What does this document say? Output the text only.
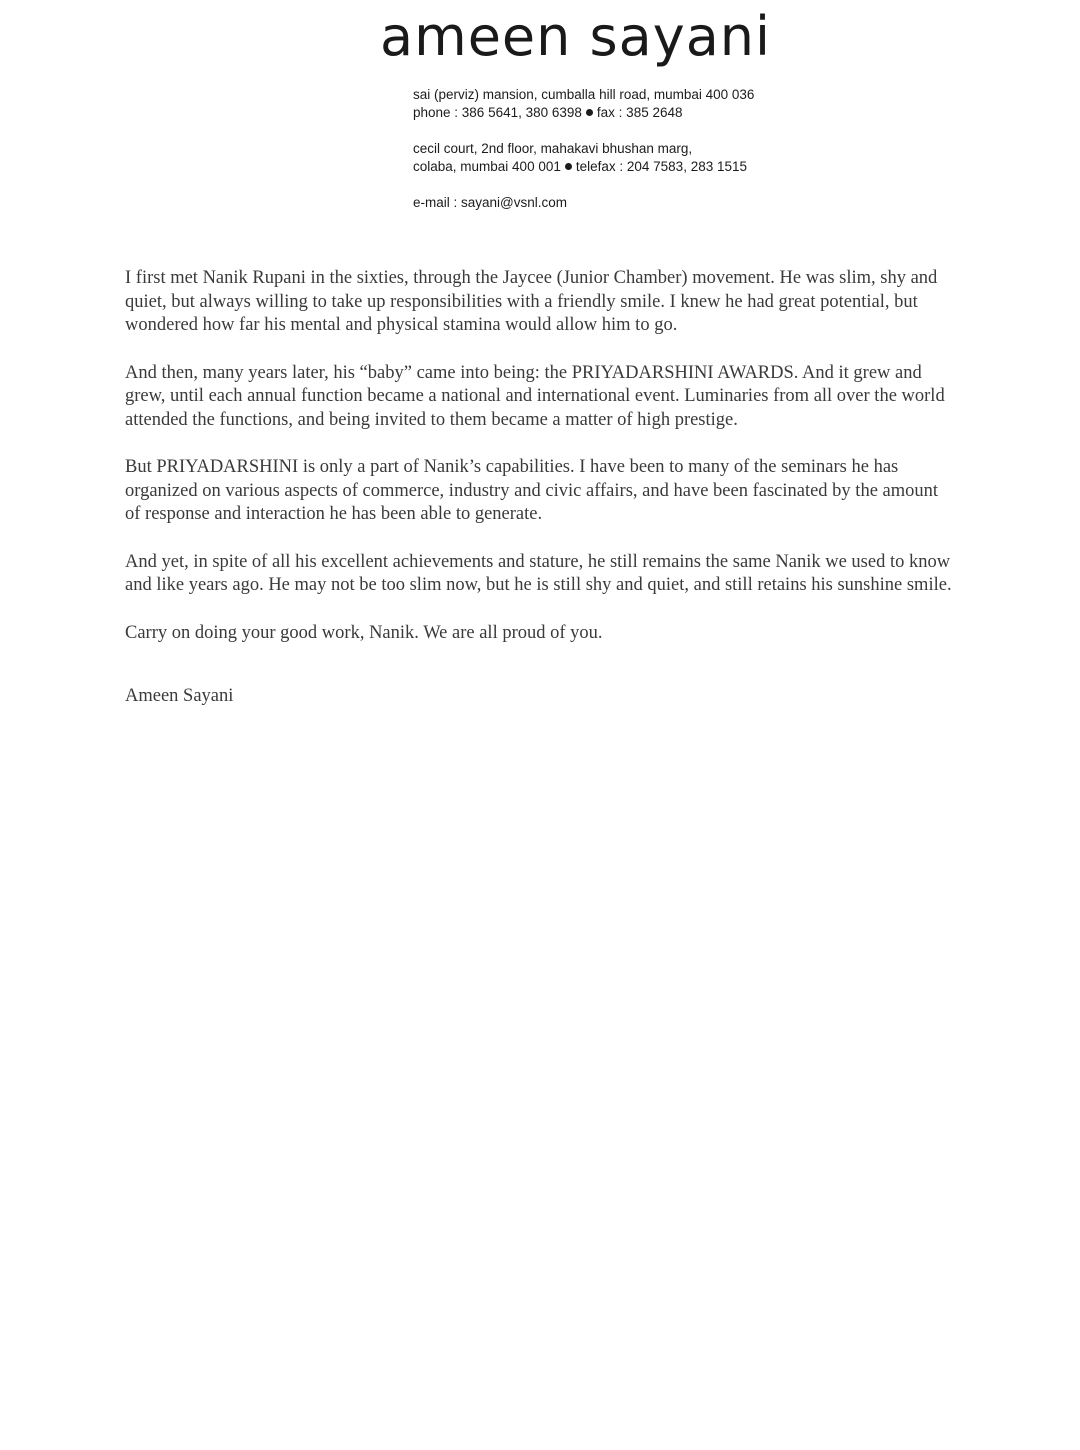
ameen sayani
sai (perviz) mansion, cumballa hill road, mumbai 400 036
phone : 386 5641, 380 6398 fax : 385 2648
cecil court, 2nd floor, mahakavi bhushan marg,
colaba, mumbai 400 001 telefax : 204 7583, 283 1515
e-mail : sayani@vsnl.com

I first met Nanik Rupani in the sixties, through the Jaycee (Junior Chamber) movement. He was slim, shy and quiet, but always willing to take up responsibilities with a friendly smile. I knew he had great potential, but wondered how far his mental and physical stamina would allow him to go.

And then, many years later, his “baby” came into being: the PRIYADARSHINI AWARDS. And it grew and grew, until each annual function became a national and international event. Luminaries from all over the world attended the functions, and being invited to them became a matter of high prestige.

But PRIYADARSHINI is only a part of Nanik’s capabilities. I have been to many of the seminars he has organized on various aspects of commerce, industry and civic affairs, and have been fascinated by the amount of response and interaction he has been able to generate.

And yet, in spite of all his excellent achievements and stature, he still remains the same Nanik we used to know and like years ago. He may not be too slim now, but he is still shy and quiet, and still retains his sunshine smile.

Carry on doing your good work, Nanik. We are all proud of you.

Ameen Sayani
